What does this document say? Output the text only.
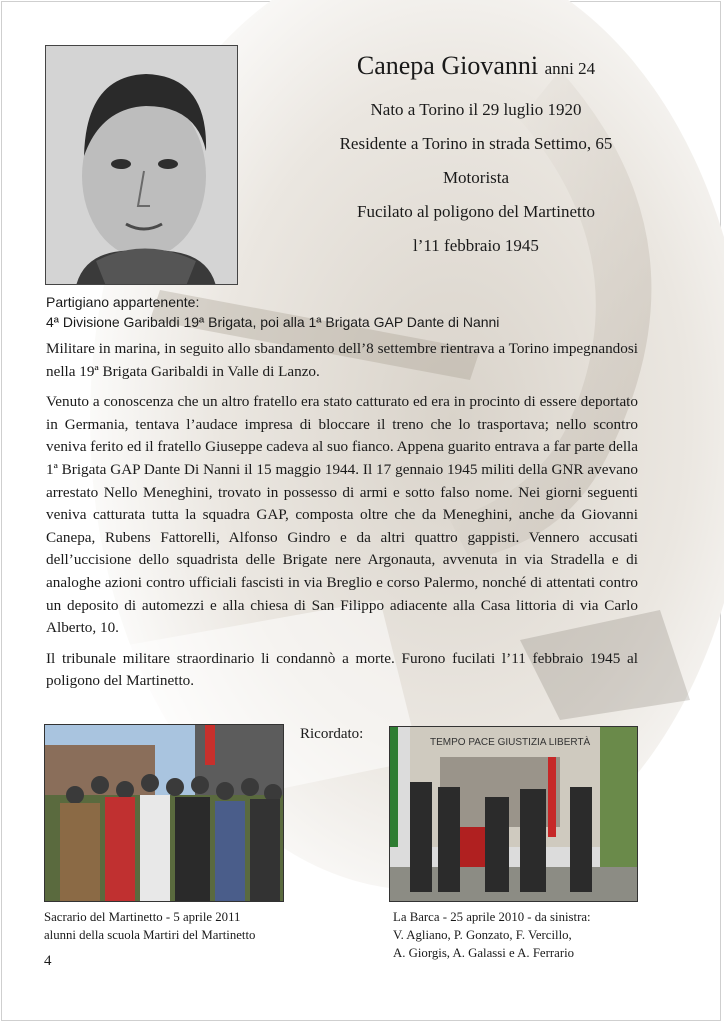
Canepa Giovanni anni 24

Nato a Torino il 29 luglio 1920

Residente a Torino in strada Settimo, 65

Motorista

Fucilato al poligono del Martinetto

l’11 febbraio 1945

Partigiano appartenente:
4ª Divisione Garibaldi 19ª Brigata, poi alla 1ª Brigata GAP Dante di Nanni

Militare in marina, in seguito allo sbandamento dell’8 settembre rientrava a Torino impegnandosi nella 19ª Brigata Garibaldi in Valle di Lanzo.

Venuto a conoscenza che un altro fratello era stato catturato ed era in procinto di essere deportato in Germania, tentava l’audace impresa di bloccare il treno che lo trasportava; nello scontro veniva ferito ed il fratello Giuseppe cadeva al suo fianco. Appena guarito entrava a far parte della 1ª Brigata GAP Dante Di Nanni il 15 maggio 1944. Il 17 gennaio 1945 militi della GNR avevano arrestato Nello Meneghini, trovato in possesso di armi e sotto falso nome. Nei giorni seguenti veniva catturata tutta la squadra GAP, composta oltre che da Meneghini, anche da Giovanni Canepa, Rubens Fattorelli, Alfonso Gindro e da altri quattro gappisti. Vennero accusati dell’uccisione dello squadrista delle Brigate nere Argonauta, avvenuta in via Stradella e di analoghe azioni contro ufficiali fascisti in via Breglio e corso Palermo, nonché di attentati contro un deposito di automezzi e alla chiesa di San Filippo adiacente alla Casa littoria di via Carlo Alberto, 10.

Il tribunale militare straordinario li condannò a morte. Furono fucilati l’11 febbraio 1945 al poligono del Martinetto.

Ricordato:
TEMPO PACE GIUSTIZIA LIBERTÀ
Sacrario del Martinetto - 5 aprile 2011
alunni della scuola Martiri del Martinetto
La Barca - 25 aprile 2010 - da sinistra:
V. Agliano, P. Gonzato, F. Vercillo,
A. Giorgis, A. Galassi e A. Ferrario
4
